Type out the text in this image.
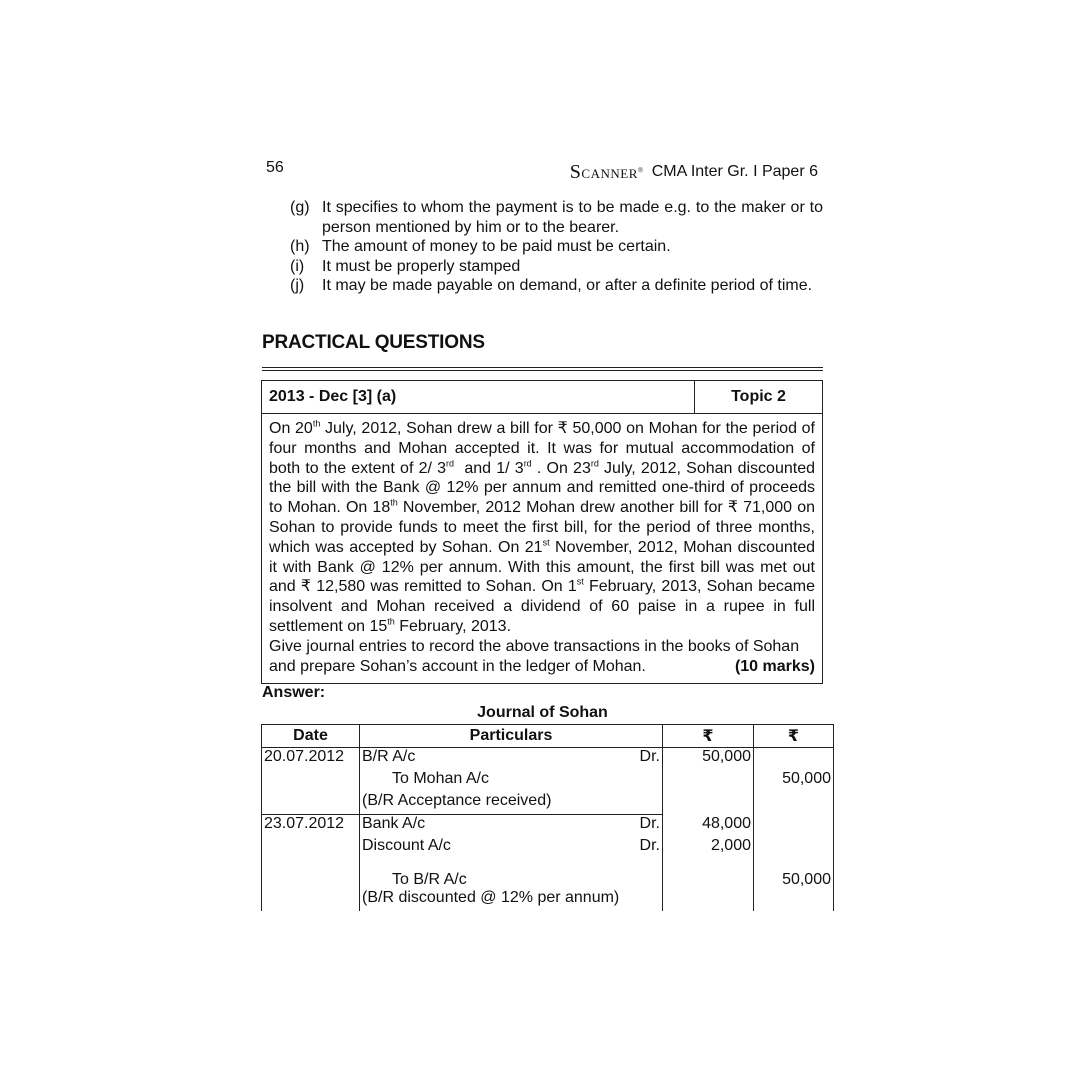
56	SCANNER® CMA Inter Gr. I Paper 6
(g) It specifies to whom the payment is to be made e.g. to the maker or to person mentioned by him or to the bearer.
(h) The amount of money to be paid must be certain.
(i)	It must be properly stamped
(j)	It may be made payable on demand, or after a definite period of time.
PRACTICAL QUESTIONS
2013 - Dec [3] (a)	Topic 2

On 20th July, 2012, Sohan drew a bill for ₹ 50,000 on Mohan for the period of four months and Mohan accepted it. It was for mutual accommodation of both to the extent of 2/ 3rd  and 1/ 3rd . On 23rd July, 2012, Sohan discounted the bill with the Bank @ 12% per annum and remitted one-third of proceeds to Mohan. On 18th November, 2012 Mohan drew another bill for ₹ 71,000 on Sohan to provide funds to meet the first bill, for the period of three months, which was accepted by Sohan. On 21st November, 2012, Mohan discounted it with Bank @ 12% per annum. With this amount, the first bill was met out and ₹ 12,580 was remitted to Sohan. On 1st February, 2013, Sohan became insolvent and Mohan received a dividend of 60 paise in a rupee in full settlement on 15th February, 2013.

Give journal entries to record the above transactions in the books of Sohan

and prepare Sohan’s account in the ledger of Mohan.	(10 marks)
Answer:
Journal of Sohan
Date	Particulars	₹	₹
20.07.2012	B/R A/c Dr.	50,000	

	To Mohan A/c		50,000

	(B/R Acceptance received)		

23.07.2012	Bank A/c Dr.	48,000	

	Discount A/c Dr.	2,000	

	To B/R A/c		50,000

	(B/R discounted @ 12% per annum)		
